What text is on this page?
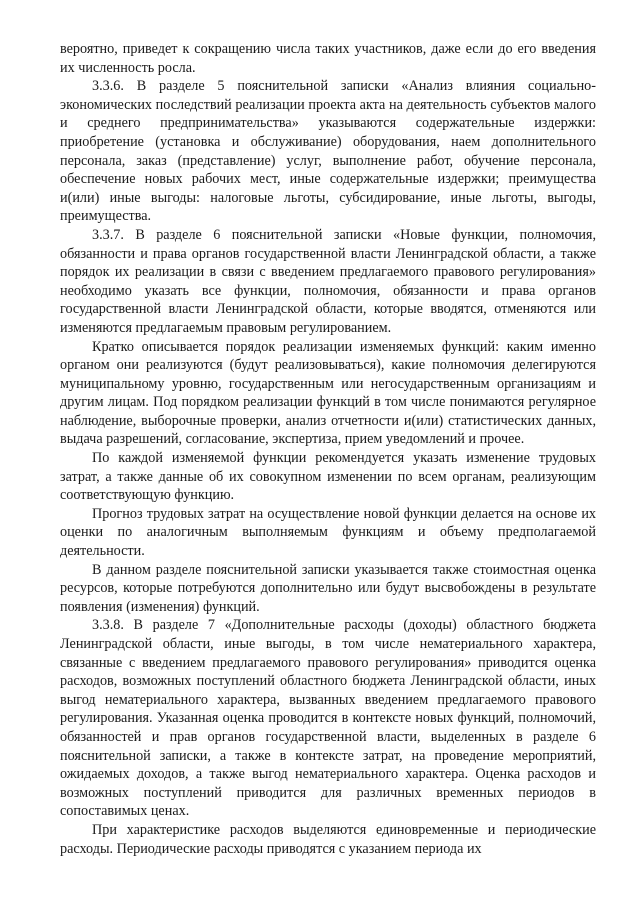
вероятно, приведет к сокращению числа таких участников, даже если до его введения их численность росла.

3.3.6. В разделе 5 пояснительной записки «Анализ влияния социально-экономических последствий реализации проекта акта на деятельность субъектов малого и среднего предпринимательства» указываются содержательные издержки: приобретение (установка и обслуживание) оборудования, наем дополнительного персонала, заказ (представление) услуг, выполнение работ, обучение персонала, обеспечение новых рабочих мест, иные содержательные издержки; преимущества и(или) иные выгоды: налоговые льготы, субсидирование, иные льготы, выгоды, преимущества.

3.3.7. В разделе 6 пояснительной записки «Новые функции, полномочия, обязанности и права органов государственной власти Ленинградской области, а также порядок их реализации в связи с введением предлагаемого правового регулирования» необходимо указать все функции, полномочия, обязанности и права органов государственной власти Ленинградской области, которые вводятся, отменяются или изменяются предлагаемым правовым регулированием.

Кратко описывается порядок реализации изменяемых функций: каким именно органом они реализуются (будут реализовываться), какие полномочия делегируются муниципальному уровню, государственным или негосударственным организациям и другим лицам. Под порядком реализации функций в том числе понимаются регулярное наблюдение, выборочные проверки, анализ отчетности и(или) статистических данных, выдача разрешений, согласование, экспертиза, прием уведомлений и прочее.

По каждой изменяемой функции рекомендуется указать изменение трудовых затрат, а также данные об их совокупном изменении по всем органам, реализующим соответствующую функцию.

Прогноз трудовых затрат на осуществление новой функции делается на основе их оценки по аналогичным выполняемым функциям и объему предполагаемой деятельности.

В данном разделе пояснительной записки указывается также стоимостная оценка ресурсов, которые потребуются дополнительно или будут высвобождены в результате появления (изменения) функций.

3.3.8. В разделе 7 «Дополнительные расходы (доходы) областного бюджета Ленинградской области, иные выгоды, в том числе нематериального характера, связанные с введением предлагаемого правового регулирования» приводится оценка расходов, возможных поступлений областного бюджета Ленинградской области, иных выгод нематериального характера, вызванных введением предлагаемого правового регулирования. Указанная оценка проводится в контексте новых функций, полномочий, обязанностей и прав органов государственной власти, выделенных в разделе 6 пояснительной записки, а также в контексте затрат, на проведение мероприятий, ожидаемых доходов, а также выгод нематериального характера. Оценка расходов и возможных поступлений приводится для различных временных периодов в сопоставимых ценах.

При характеристике расходов выделяются единовременные и периодические расходы. Периодические расходы приводятся с указанием периода их
